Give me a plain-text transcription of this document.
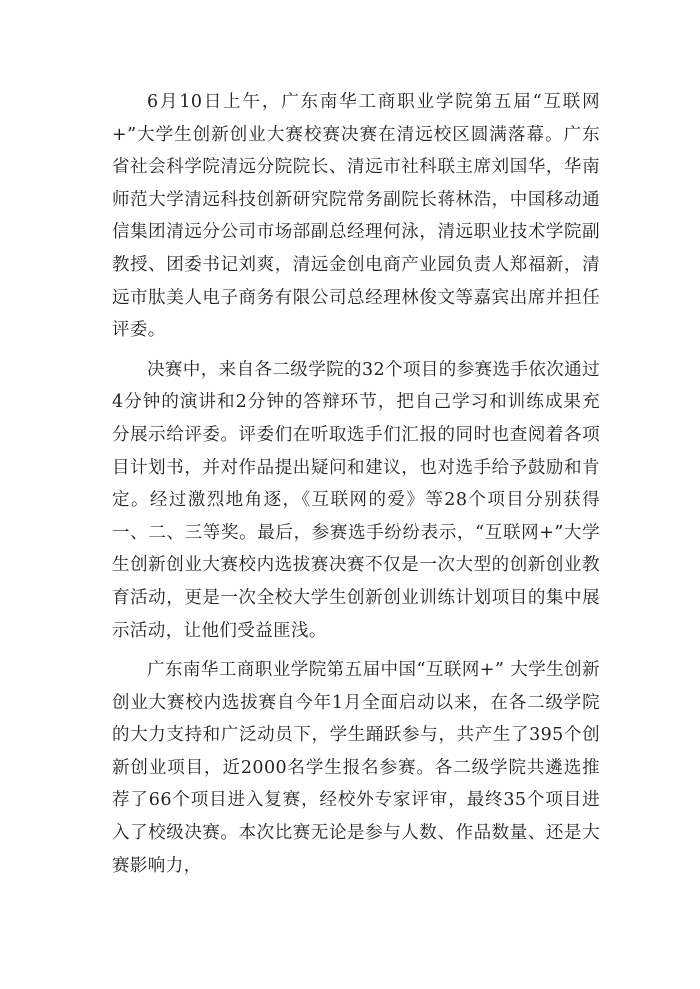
6月10日上午，广东南华工商职业学院第五届“互联网+”大学生创新创业大赛校赛决赛在清远校区圆满落幕。广东省社会科学院清远分院院长、清远市社科联主席刘国华，华南师范大学清远科技创新研究院常务副院长蒋林浩，中国移动通信集团清远分公司市场部副总经理何泳，清远职业技术学院副教授、团委书记刘爽，清远金创电商产业园负责人郑福新，清远市肽美人电子商务有限公司总经理林俊文等嘉宾出席并担任评委。

决赛中，来自各二级学院的32个项目的参赛选手依次通过4分钟的演讲和2分钟的答辩环节，把自己学习和训练成果充分展示给评委。评委们在听取选手们汇报的同时也查阅着各项目计划书，并对作品提出疑问和建议，也对选手给予鼓励和肯定。经过激烈地角逐，《互联网的爱》等28个项目分别获得一、二、三等奖。最后，参赛选手纷纷表示，“互联网+”大学生创新创业大赛校内选拔赛决赛不仅是一次大型的创新创业教育活动，更是一次全校大学生创新创业训练计划项目的集中展示活动，让他们受益匪浅。

广东南华工商职业学院第五届中国“互联网+” 大学生创新创业大赛校内选拔赛自今年1月全面启动以来，在各二级学院的大力支持和广泛动员下，学生踊跃参与，共产生了395个创新创业项目，近2000名学生报名参赛。各二级学院共遴选推荐了66个项目进入复赛，经校外专家评审，最终35个项目进入了校级决赛。本次比赛无论是参与人数、作品数量、还是大赛影响力，
